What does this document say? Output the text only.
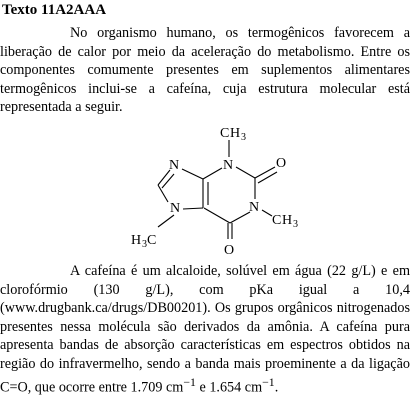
Texto 11A2AAA

No organismo humano, os termogênicos favorecem a liberação de calor por meio da aceleração do metabolismo. Entre os componentes comumente presentes em suplementos alimentares termogênicos inclui-se a cafeína, cuja estrutura molecular está representada a seguir.

N
N
N
N
O
O
C H 3
C H 3
H 3 C

A cafeína é um alcaloide, solúvel em água (22 g/L) e em clorofórmio (130 g/L), com pKa igual a 10,4 (www.drugbank.ca/drugs/DB00201). Os grupos orgânicos nitrogenados presentes nessa molécula são derivados da amônia. A cafeína pura apresenta bandas de absorção características em espectros obtidos na região do infravermelho, sendo a banda mais proeminente a da ligação C=O, que ocorre entre 1.709 $cm^{-1}$ e 1.654 $cm^{-1}$.
